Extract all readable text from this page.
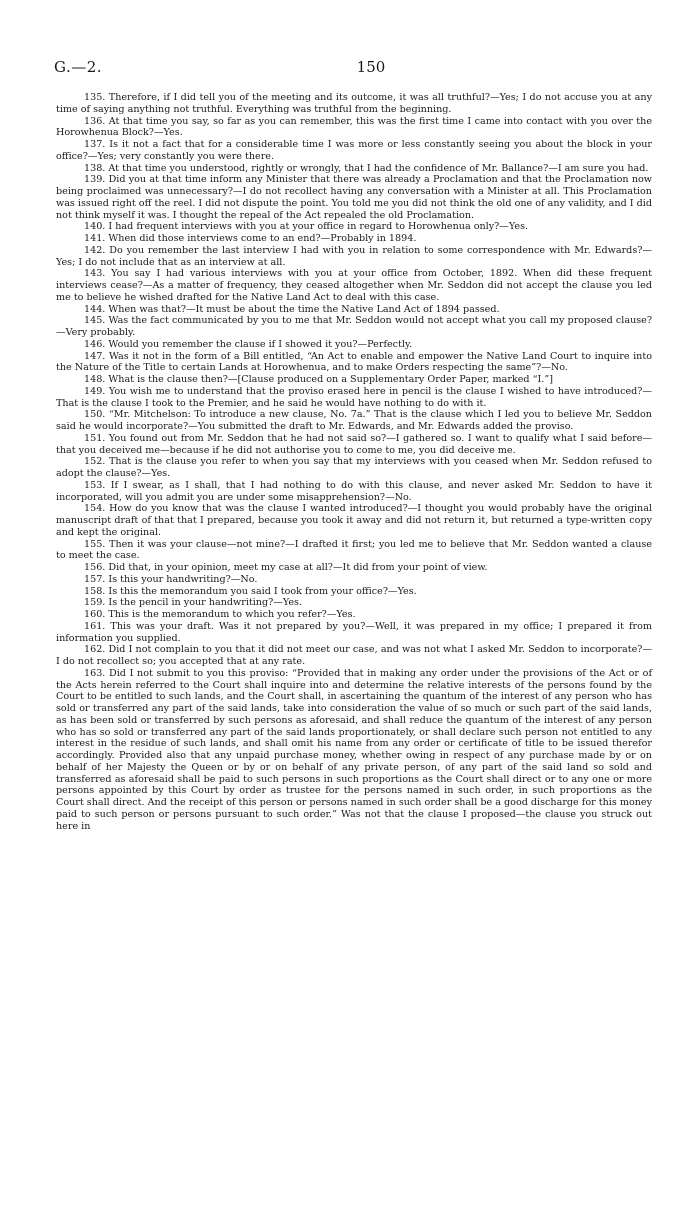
G.—2.	150

135. Therefore, if I did tell you of the meeting and its outcome, it was all truthful?—Yes; I do not accuse you at any time of saying anything not truthful. Everything was truthful from the beginning.

136. At that time you say, so far as you can remember, this was the first time I came into contact with you over the Horowhenua Block?—Yes.

137. Is it not a fact that for a considerable time I was more or less constantly seeing you about the block in your office?—Yes; very constantly you were there.

138. At that time you understood, rightly or wrongly, that I had the confidence of Mr. Ballance?—I am sure you had.

139. Did you at that time inform any Minister that there was already a Proclamation and that the Proclamation now being proclaimed was unnecessary?—I do not recollect having any conversation with a Minister at all. This Proclamation was issued right off the reel. I did not dispute the point. You told me you did not think the old one of any validity, and I did not think myself it was. I thought the repeal of the Act repealed the old Proclamation.

140. I had frequent interviews with you at your office in regard to Horowhenua only?—Yes.

141. When did those interviews come to an end?—Probably in 1894.

142. Do you remember the last interview I had with you in relation to some correspondence with Mr. Edwards?—Yes; I do not include that as an interview at all.

143. You say I had various interviews with you at your office from October, 1892. When did these frequent interviews cease?—As a matter of frequency, they ceased altogether when Mr. Seddon did not accept the clause you led me to believe he wished drafted for the Native Land Act to deal with this case.

144. When was that?—It must be about the time the Native Land Act of 1894 passed.

145. Was the fact communicated by you to me that Mr. Seddon would not accept what you call my proposed clause?—Very probably.

146. Would you remember the clause if I showed it you?—Perfectly.

147. Was it not in the form of a Bill entitled, “An Act to enable and empower the Native Land Court to inquire into the Nature of the Title to certain Lands at Horowhenua, and to make Orders respecting the same”?—No.

148. What is the clause then?—[Clause produced on a Supplementary Order Paper, marked “I.”]

149. You wish me to understand that the proviso erased here in pencil is the clause I wished to have introduced?—That is the clause I took to the Premier, and he said he would have nothing to do with it.

150. “Mr. Mitchelson: To introduce a new clause, No. 7a.” That is the clause which I led you to believe Mr. Seddon said he would incorporate?—You submitted the draft to Mr. Edwards, and Mr. Edwards added the proviso.

151. You found out from Mr. Seddon that he had not said so?—I gathered so. I want to qualify what I said before—that you deceived me—because if he did not authorise you to come to me, you did deceive me.

152. That is the clause you refer to when you say that my interviews with you ceased when Mr. Seddon refused to adopt the clause?—Yes.

153. If I swear, as I shall, that I had nothing to do with this clause, and never asked Mr. Seddon to have it incorporated, will you admit you are under some misapprehension?—No.

154. How do you know that was the clause I wanted introduced?—I thought you would probably have the original manuscript draft of that that I prepared, because you took it away and did not return it, but returned a type-written copy and kept the original.

155. Then it was your clause—not mine?—I drafted it first; you led me to believe that Mr. Seddon wanted a clause to meet the case.

156. Did that, in your opinion, meet my case at all?—It did from your point of view.

157. Is this your handwriting?—No.

158. Is this the memorandum you said I took from your office?—Yes.

159. Is the pencil in your handwriting?—Yes.

160. This is the memorandum to which you refer?—Yes.

161. This was your draft. Was it not prepared by you?—Well, it was prepared in my office; I prepared it from information you supplied.

162. Did I not complain to you that it did not meet our case, and was not what I asked Mr. Seddon to incorporate?—I do not recollect so; you accepted that at any rate.

163. Did I not submit to you this proviso: “Provided that in making any order under the provisions of the Act or of the Acts herein referred to the Court shall inquire into and determine the relative interests of the persons found by the Court to be entitled to such lands, and the Court shall, in ascertaining the quantum of the interest of any person who has sold or transferred any part of the said lands, take into consideration the value of so much or such part of the said lands, as has been sold or transferred by such persons as aforesaid, and shall reduce the quantum of the interest of any person who has so sold or transferred any part of the said lands proportionately, or shall declare such person not entitled to any interest in the residue of such lands, and shall omit his name from any order or certificate of title to be issued therefor accordingly. Provided also that any unpaid purchase money, whether owing in respect of any purchase made by or on behalf of her Majesty the Queen or by or on behalf of any private person, of any part of the said land so sold and transferred as aforesaid shall be paid to such persons in such proportions as the Court shall direct or to any one or more persons appointed by this Court by order as trustee for the persons named in such order, in such proportions as the Court shall direct. And the receipt of this person or persons named in such order shall be a good discharge for this money paid to such person or persons pursuant to such order.” Was not that the clause I proposed—the clause you struck out here in
